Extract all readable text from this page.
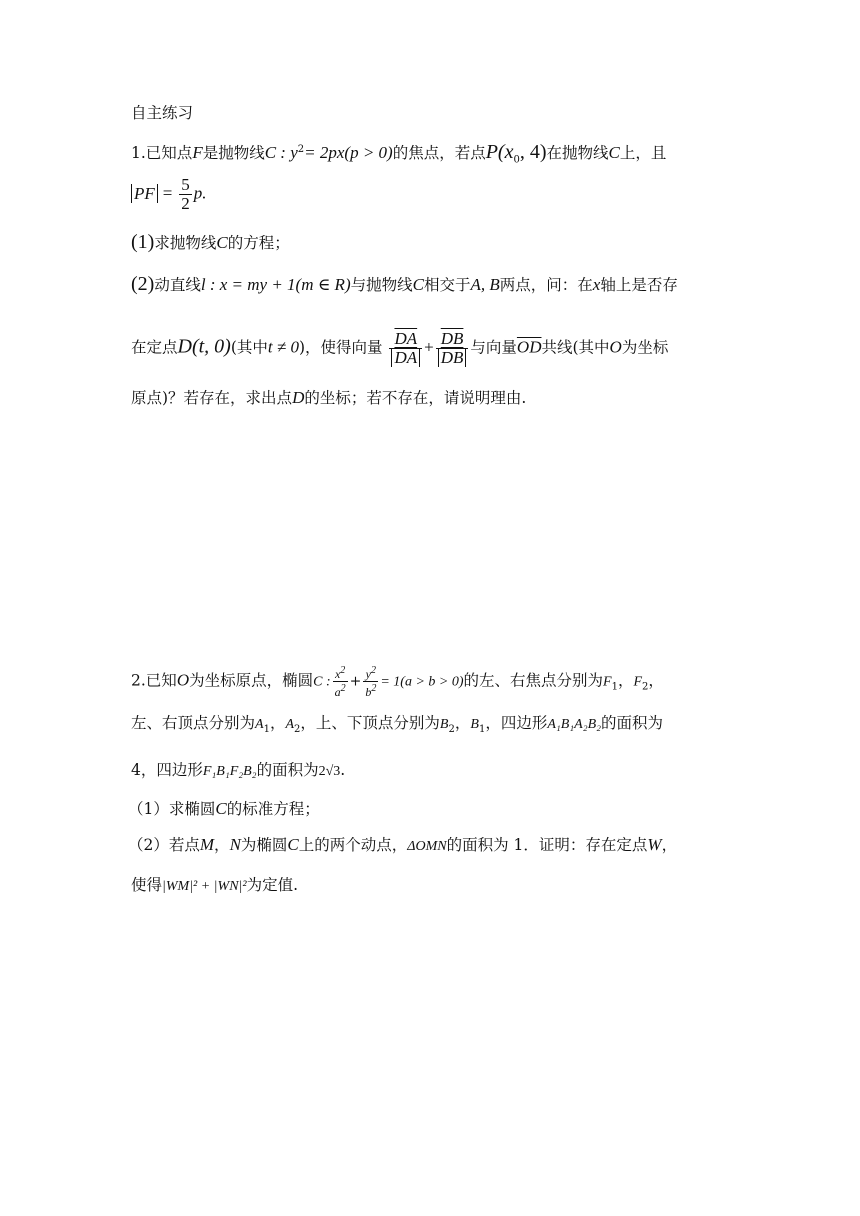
自主练习
1.已知点F是抛物线C : $y^2= 2px(p > 0)$的焦点，若点$P(x_0$, 4)在抛物线C上，且
PF = $\frac{5}{2} p$.
(1)求抛物线C的方程；
(2)动直线l : x = my + 1(m ∈ R)与抛物线C相交于A, B两点，问：在x轴上是否存
在定点D(t, 0)(其中t ≠ 0)，使得向量 $\frac{\overline{DA}}{DA} + \frac{\overline{DB}}{DB}$ 与向量$\overline{OD}$共线(其中O为坐标
原点)？若存在，求出点D的坐标；若不存在，请说明理由.
2.已知O为坐标原点，椭圆C : $\frac{x^2}{a^2} + \frac{y^2}{b^2} = 1(a > b > 0)$的左、右焦点分别为$F_1$，$F_2$，
左、右顶点分别为$A_1$，$A_2$，上、下顶点分别为$B_2$，$B_1$，四边形A₁B₁A₂B₂的面积为
4，四边形F₁B₁F₂B₂的面积为2√3.
（1）求椭圆C的标准方程；
（2）若点M，N为椭圆C上的两个动点，ΔOMN的面积为 1．证明：存在定点W，
使得|WM|² + |WN|²为定值.
